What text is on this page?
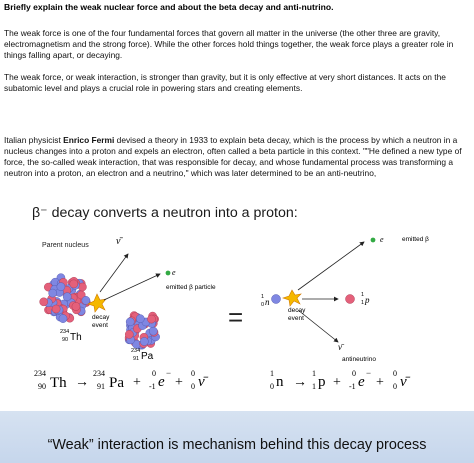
Briefly explain the weak nuclear force and about the beta decay and anti-nutrino.
The weak force is one of the four fundamental forces that govern all matter in the universe (the other three are gravity, electromagnetism and the strong force). While the other forces hold things together, the weak force plays a greater role in things falling apart, or decaying.
The weak force, or weak interaction, is stronger than gravity, but it is only effective at very short distances. It acts on the subatomic level and plays a crucial role in powering stars and creating elements.
Italian physicist Enrico Fermi devised a theory in 1933 to explain beta decay, which is the process by which a neutron in a nucleus changes into a proton and expels an electron, often called a beta particle in this context. ""He defined a new type of force, the so-called weak interaction, that was responsible for decay, and whose fundamental process was transforming a neutron into a proton, an electron and a neutrino," which was later determined to be an anti-neutrino,
β⁻ decay converts a neutron into a proton:
Parent nucleus
234
90 Th
decay
event
ν̄
e
emitted β particle
234
91 Pa
=
1
0 n
decay
event
e	emitted β
1
1 p
ν̄
antineutrino
234
90 Th →
234
91 Pa +
0
-1 e
−
+
0
0 ν̄
1
0 n →
1
1 p +
0
-1 e
−
+
0
0 ν̄
“Weak” interaction is mechanism behind this decay process
